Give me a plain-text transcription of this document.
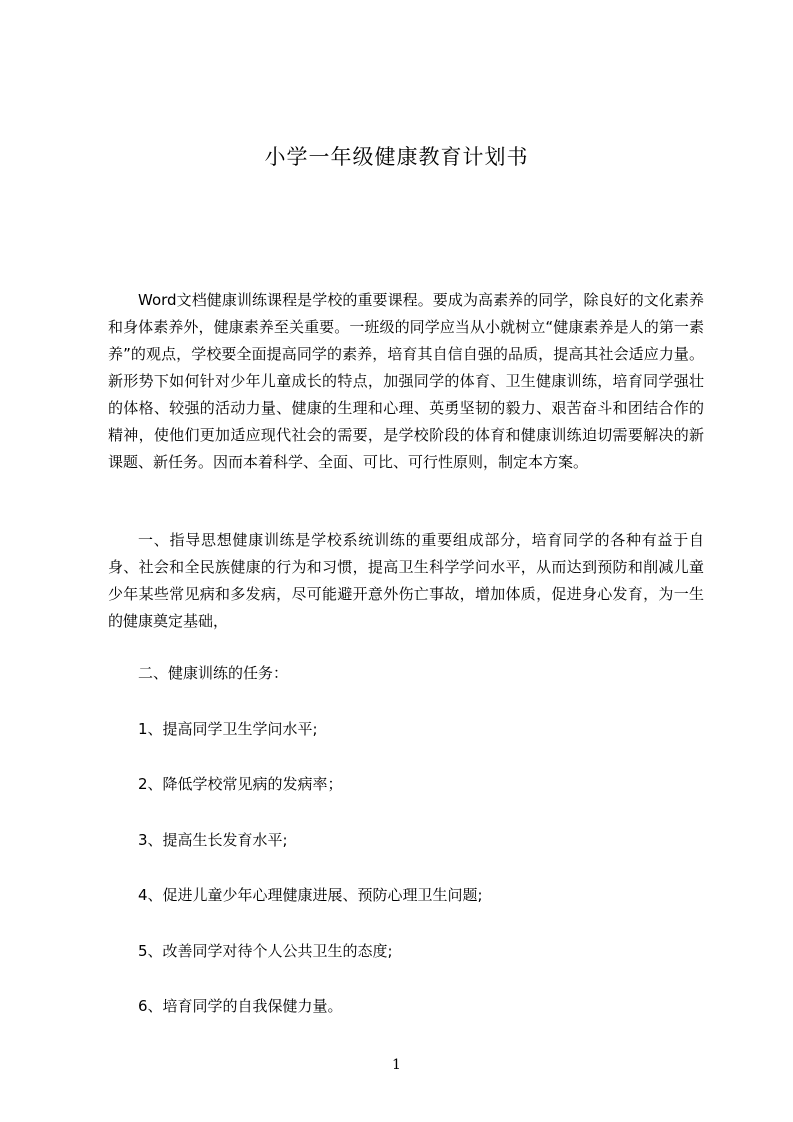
小学一年级健康教育计划书

Word文档健康训练课程是学校的重要课程。要成为高素养的同学，除良好的文化素养和身体素养外，健康素养至关重要。一班级的同学应当从小就树立“健康素养是人的第一素养”的观点，学校要全面提高同学的素养，培育其自信自强的品质，提高其社会适应力量。新形势下如何针对少年儿童成长的特点，加强同学的体育、卫生健康训练，培育同学强壮的体格、较强的活动力量、健康的生理和心理、英勇坚韧的毅力、艰苦奋斗和团结合作的精神，使他们更加适应现代社会的需要，是学校阶段的体育和健康训练迫切需要解决的新课题、新任务。因而本着科学、全面、可比、可行性原则，制定本方案。

一、指导思想健康训练是学校系统训练的重要组成部分，培育同学的各种有益于自身、社会和全民族健康的行为和习惯，提高卫生科学学问水平，从而达到预防和削减儿童少年某些常见病和多发病，尽可能避开意外伤亡事故，增加体质，促进身心发育，为一生的健康奠定基础，

二、健康训练的任务：
1、提高同学卫生学问水平;
2、降低学校常见病的发病率；
3、提高生长发育水平;
4、促进儿童少年心理健康进展、预防心理卫生问题;
5、改善同学对待个人公共卫生的态度;
6、培育同学的自我保健力量。
1
